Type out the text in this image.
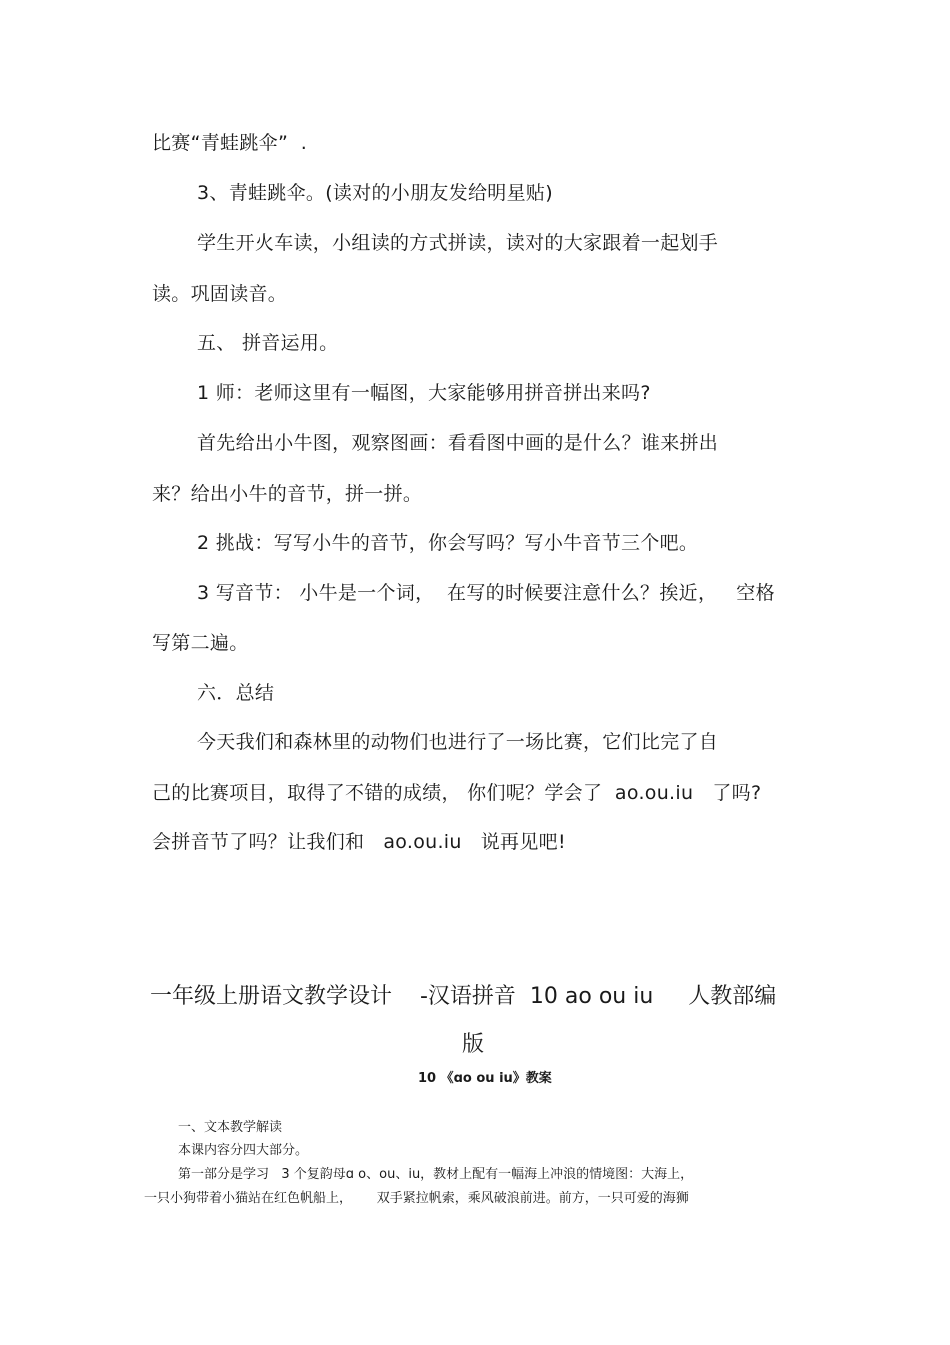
比赛“青蛙跳伞”  .
3、青蛙跳伞。(读对的小朋友发给明星贴)
学生开火车读，小组读的方式拼读，读对的大家跟着一起划手
读。巩固读音。
五、 拼音运用。
1 师：老师这里有一幅图，大家能够用拼音拼出来吗?
首先给出小牛图，观察图画：看看图中画的是什么？谁来拼出
来？给出小牛的音节，拼一拼。
2 挑战：写写小牛的音节，你会写吗？写小牛音节三个吧。
3 写音节： 小牛是一个词，  在写的时候要注意什么？挨近，   空格
写第二遍。
六．总结
今天我们和森林里的动物们也进行了一场比赛，它们比完了自
己的比赛项目，取得了不错的成绩， 你们呢？学会了  ao.ou.iu   了吗?
会拼音节了吗？让我们和   ao.ou.iu   说再见吧!
一年级上册语文教学设计    -汉语拼音  10 ao ou iu     人教部编
版
10 《ɑo ou iu》教案
一、文本教学解读
本课内容分四大部分。
第一部分是学习   3 个复韵母ɑ o、ou、iu，教材上配有一幅海上冲浪的情境图：大海上，
一只小狗带着小猫站在红色帆船上，      双手紧拉帆索，乘风破浪前进。前方，一只可爱的海狮
